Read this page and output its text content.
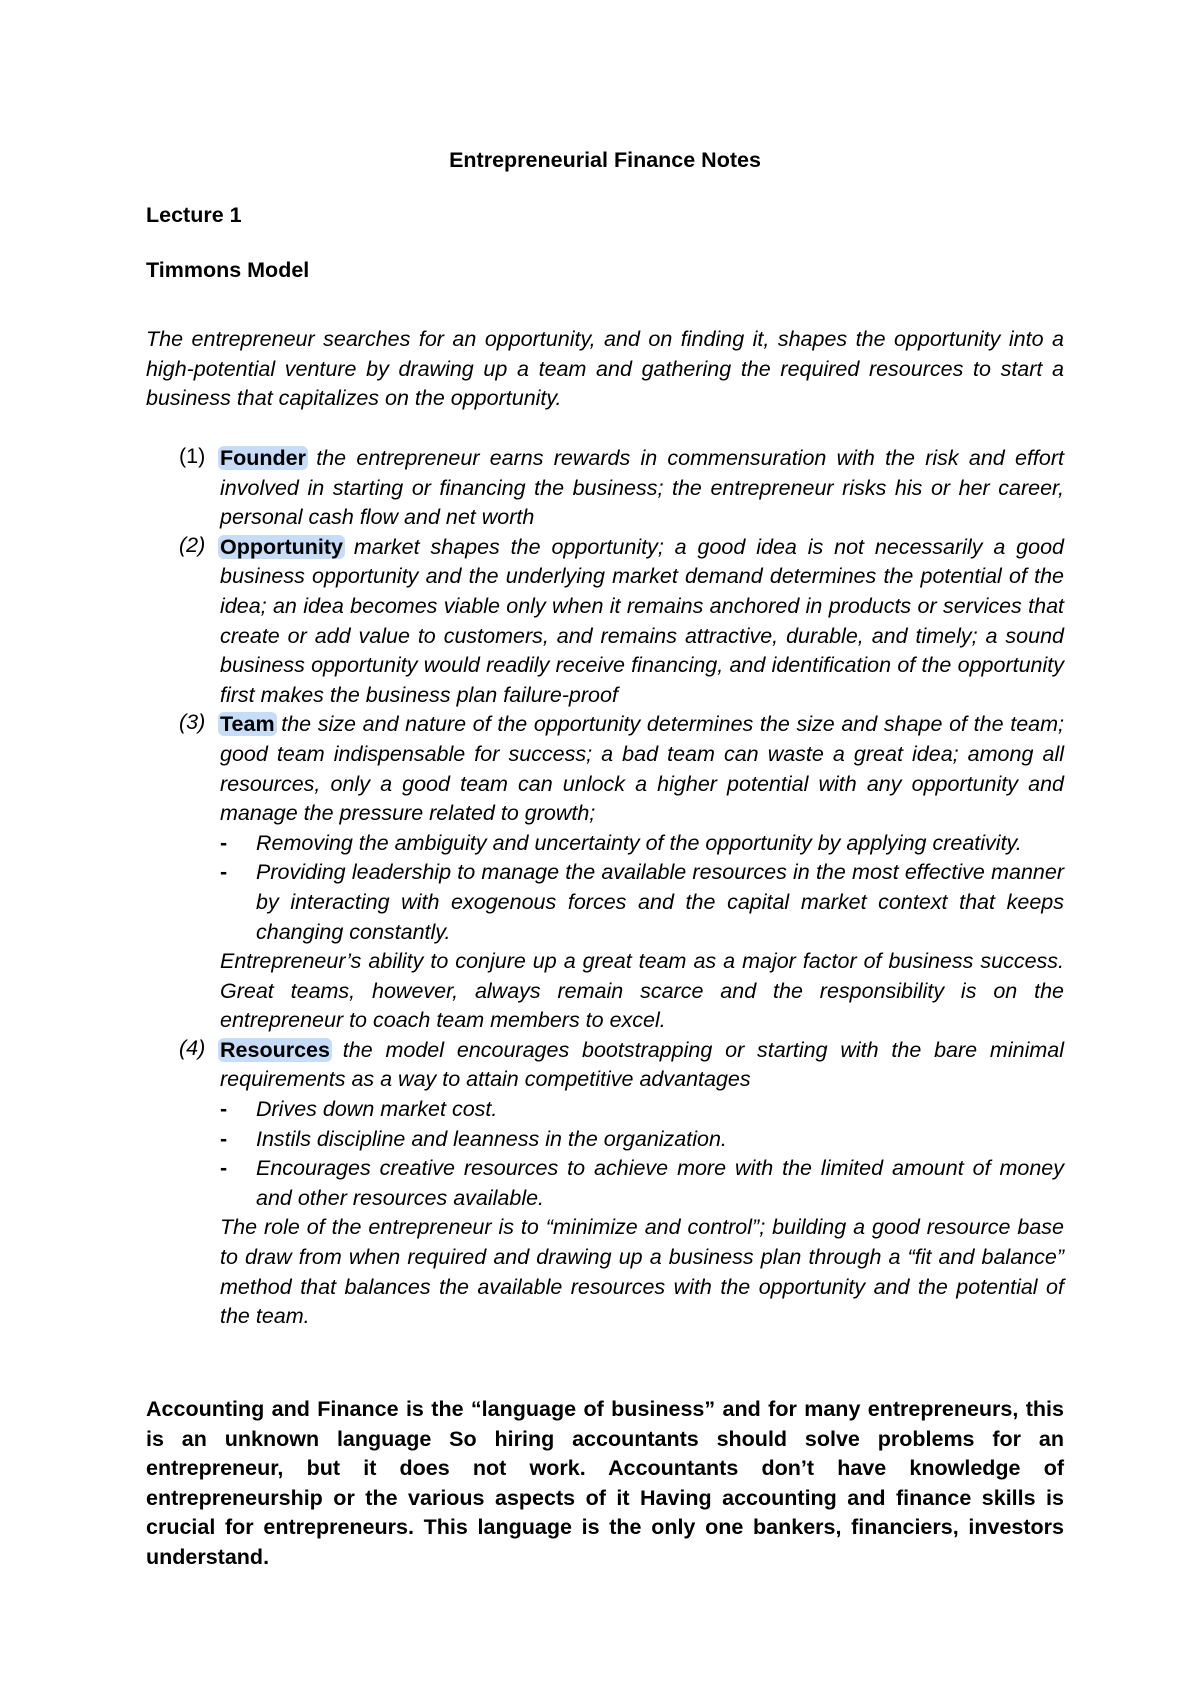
Entrepreneurial Finance Notes
Lecture 1
Timmons Model
The entrepreneur searches for an opportunity, and on finding it, shapes the opportunity into a high-potential venture by drawing up a team and gathering the required resources to start a business that capitalizes on the opportunity.
(1) Founder the entrepreneur earns rewards in commensuration with the risk and effort involved in starting or financing the business; the entrepreneur risks his or her career, personal cash flow and net worth
(2) Opportunity market shapes the opportunity; a good idea is not necessarily a good business opportunity and the underlying market demand determines the potential of the idea; an idea becomes viable only when it remains anchored in products or services that create or add value to customers, and remains attractive, durable, and timely; a sound business opportunity would readily receive financing, and identification of the opportunity first makes the business plan failure-proof
(3) Team the size and nature of the opportunity determines the size and shape of the team; good team indispensable for success; a bad team can waste a great idea; among all resources, only a good team can unlock a higher potential with any opportunity and manage the pressure related to growth;
- Removing the ambiguity and uncertainty of the opportunity by applying creativity.
- Providing leadership to manage the available resources in the most effective manner by interacting with exogenous forces and the capital market context that keeps changing constantly.
Entrepreneur’s ability to conjure up a great team as a major factor of business success. Great teams, however, always remain scarce and the responsibility is on the entrepreneur to coach team members to excel.
(4) Resources the model encourages bootstrapping or starting with the bare minimal requirements as a way to attain competitive advantages
- Drives down market cost.
- Instils discipline and leanness in the organization.
- Encourages creative resources to achieve more with the limited amount of money and other resources available.
The role of the entrepreneur is to “minimize and control”; building a good resource base to draw from when required and drawing up a business plan through a “fit and balance” method that balances the available resources with the opportunity and the potential of the team.
Accounting and Finance is the “language of business” and for many entrepreneurs, this is an unknown language So hiring accountants should solve problems for an entrepreneur, but it does not work. Accountants don’t have knowledge of entrepreneurship or the various aspects of it Having accounting and finance skills is crucial for entrepreneurs. This language is the only one bankers, financiers, investors understand.
